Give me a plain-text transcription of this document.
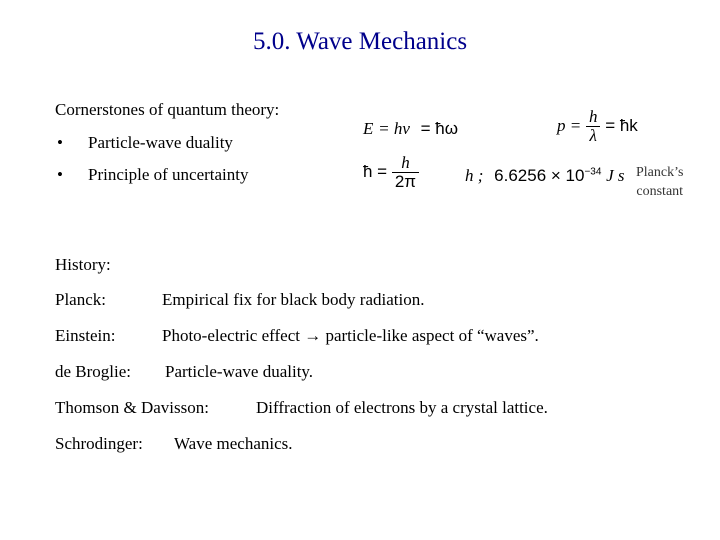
5.0. Wave Mechanics
Cornerstones of quantum theory:
• Particle-wave duality
• Principle of uncertainty
E = hv = ħω	$p = \frac{h}{\lambda}$ = ħk
ħ = $\frac{h}{2\pi}$	h ; $6.6256 \times 10^{-34}$ J s Planck’s
constant
History:
Planck:	Empirical fix for black body radiation.
Einstein:	Photo-electric effect → particle-like aspect of “waves”.
de Broglie: Particle-wave duality.
Thomson & Davisson:	Diffraction of electrons by a crystal lattice.
Schrodinger: Wave mechanics.
